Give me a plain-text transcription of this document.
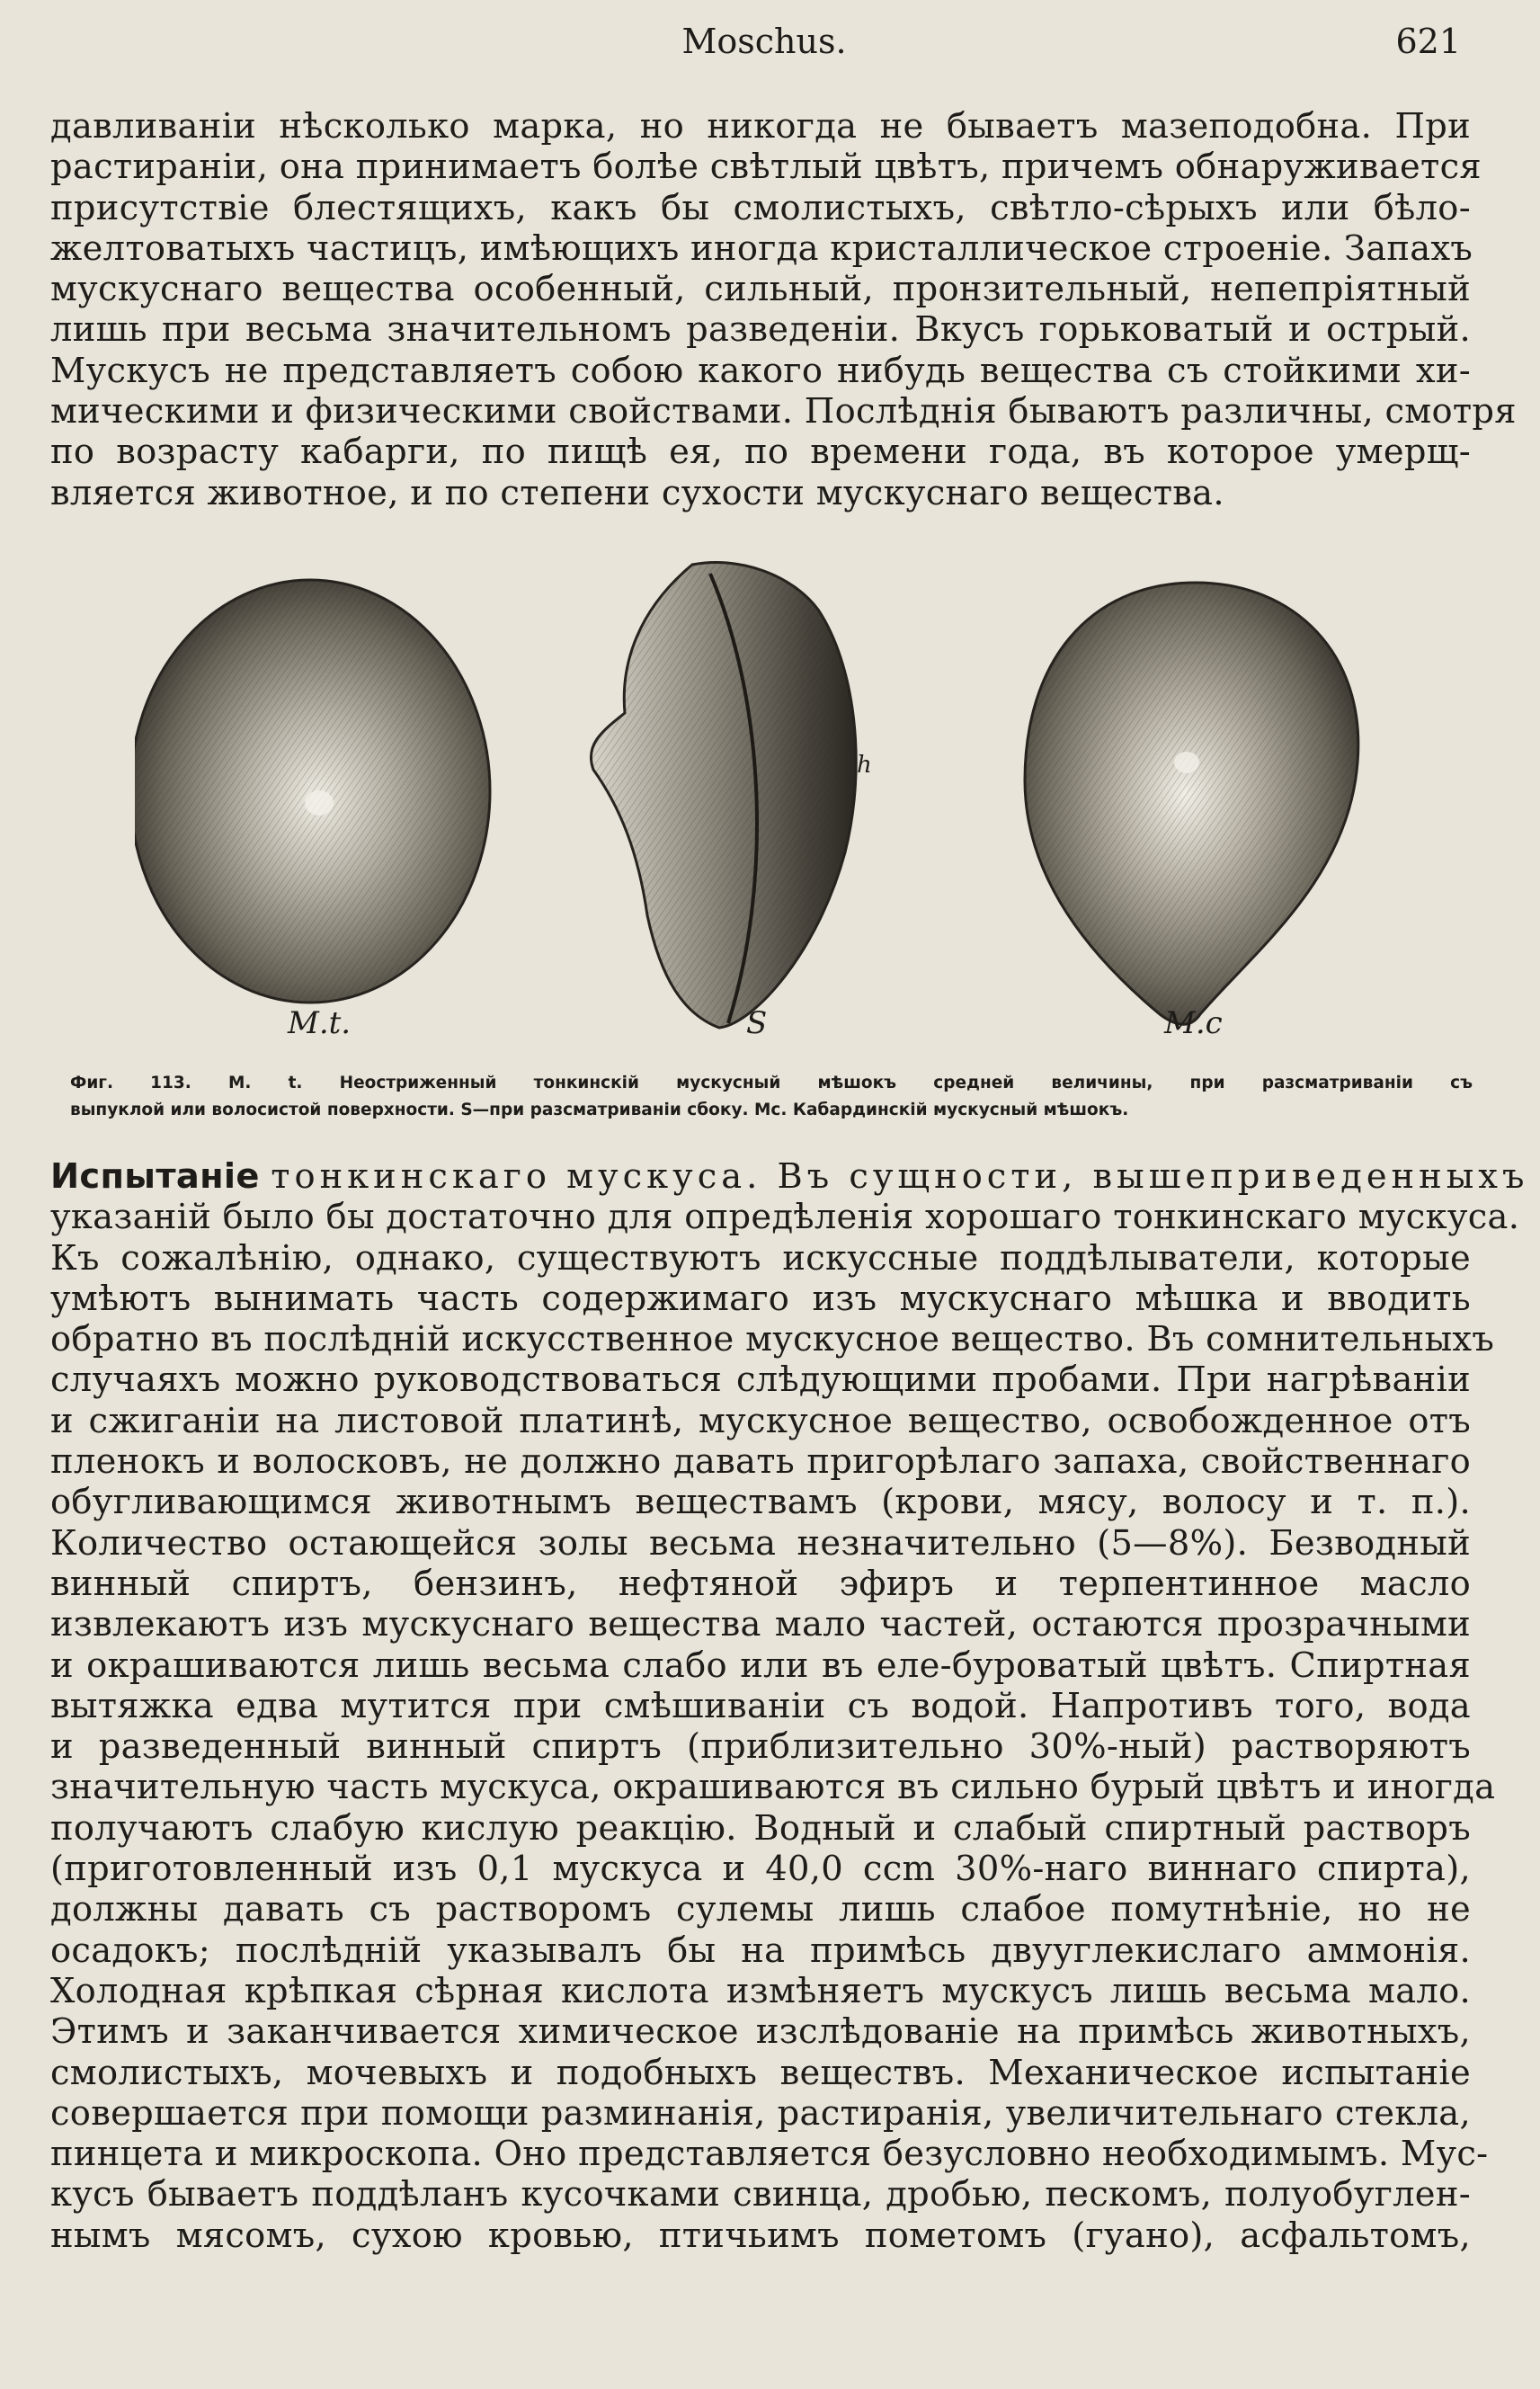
Moschus.	621

давливаніи нѣсколько марка, но никогда не бываетъ мазеподобна. При
растираніи, она принимаетъ болѣе свѣтлый цвѣтъ, причемъ обнаруживается
присутствіе блестящихъ, какъ бы смолистыхъ, свѣтло-сѣрыхъ или бѣло-
желтоватыхъ частицъ, имѣющихъ иногда кристаллическое строеніе. Запахъ
мускуснаго вещества особенный, сильный, пронзительный, непепріятный
лишь при весьма значительномъ разведеніи. Вкусъ горьковатый и острый.
Мускусъ не представляетъ собою какого нибудь вещества съ стойкими хи-
мическими и физическими свойствами. Послѣднія бываютъ различны, смотря
по возрасту кабарги, по пищѣ ея, по времени года, въ которое умерщ-
вляется животное, и по степени сухости мускуснаго вещества.

M.t.	S	M.c
h
Фиг. 113. М. t. Неостриженный тонкинскій мускусный мѣшокъ средней величины, при разсматриваніи съ
выпуклой или волосистой поверхности. S—при разсматриваніи сбоку. Мс. Кабардинскій мускусный мѣшокъ.

Испытаніе тонкинскаго мускуса. Въ сущности, вышеприведенныхъ
указаній было бы достаточно для опредѣленія хорошаго тонкинскаго мускуса.
Къ сожалѣнію, однако, существуютъ искуссные поддѣлыватели, которые
умѣютъ вынимать часть содержимаго изъ мускуснаго мѣшка и вводить
обратно въ послѣдній искусственное мускусное вещество. Въ сомнительныхъ
случаяхъ можно руководствоваться слѣдующими пробами. При нагрѣваніи
и сжиганіи на листовой платинѣ, мускусное вещество, освобожденное отъ
пленокъ и волосковъ, не должно давать пригорѣлаго запаха, свойственнаго
обугливающимся животнымъ веществамъ (крови, мясу, волосу и т. п.).
Количество остающейся золы весьма незначительно (5—8%). Безводный
винный спиртъ, бензинъ, нефтяной эфиръ и терпентинное масло
извлекаютъ изъ мускуснаго вещества мало частей, остаются прозрачными
и окрашиваются лишь весьма слабо или въ еле-буроватый цвѣтъ. Спиртная
вытяжка едва мутится при смѣшиваніи съ водой. Напротивъ того, вода
и разведенный винный спиртъ (приблизительно 30%-ный) растворяютъ
значительную часть мускуса, окрашиваются въ сильно бурый цвѣтъ и иногда
получаютъ слабую кислую реакцію. Водный и слабый спиртный растворъ
(приготовленный изъ 0,1 мускуса и 40,0 ccm 30%-наго виннаго спирта),
должны давать съ растворомъ сулемы лишь слабое помутнѣніе, но не
осадокъ; послѣдній указывалъ бы на примѣсь двууглекислаго аммонія.
Холодная крѣпкая сѣрная кислота измѣняетъ мускусъ лишь весьма мало.
Этимъ и заканчивается химическое изслѣдованіе на примѣсь животныхъ,
смолистыхъ, мочевыхъ и подобныхъ веществъ. Механическое испытаніе
совершается при помощи разминанія, растиранія, увеличительнаго стекла,
пинцета и микроскопа. Оно представляется безусловно необходимымъ. Мус-
кусъ бываетъ поддѣланъ кусочками свинца, дробью, пескомъ, полуобуглен-
нымъ мясомъ, сухою кровью, птичьимъ пометомъ (гуано), асфальтомъ,
